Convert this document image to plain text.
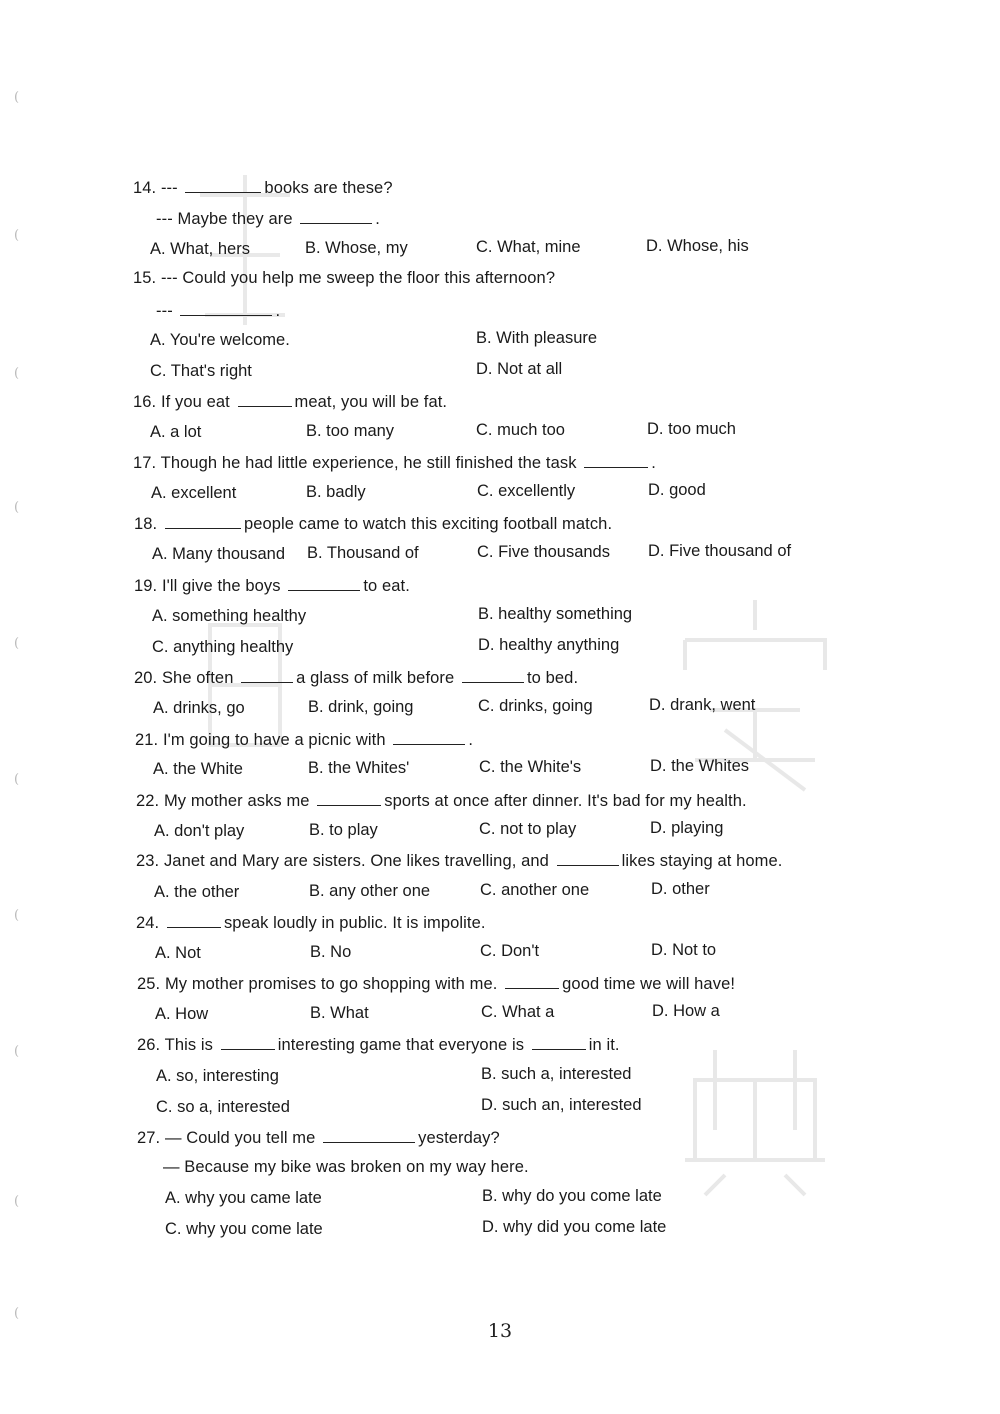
(
(
(
(
(
(
(
(
(
(
14. ---	books are these?
--- Maybe they are	.
A. What, hers	B. Whose, my	C. What, mine	D. Whose, his
15. --- Could you help me sweep the floor this afternoon?
---	.
A. You're welcome.	B. With pleasure
C. That's right	D. Not at all
16. If you eat	meat, you will be fat.
A. a lot	B. too many	C. much too	D. too much
17. Though he had little experience, he still finished the task	.
A. excellent	B. badly	C. excellently	D. good
18.	people came to watch this exciting football match.
A. Many thousand B. Thousand of	C. Five thousands D. Five thousand of
19. I'll give the boys	to eat.
A. something healthy	B. healthy something
C. anything healthy	D. healthy anything
20. She often	a glass of milk before	to bed.
A. drinks, go	B. drink, going	C. drinks, going	D. drank, went
21. I'm going to have a picnic with	.
A. the White	B. the Whites'	C. the White's	D. the Whites
22. My mother asks me	sports at once after dinner. It's bad for my health.
A. don't play	B. to play	C. not to play	D. playing
23. Janet and Mary are sisters. One likes travelling, and	likes staying at home.
A. the other	B. any other one	C. another one	D. other
24.	speak loudly in public. It is impolite.
A. Not	B. No	C. Don't	D. Not to
25. My mother promises to go shopping with me.	good time we will have!
A. How	B. What	C. What a	D. How a
26. This is	interesting game that everyone is	in it.
A. so, interesting	B. such a, interested
C. so a, interested	D. such an, interested
27. — Could you tell me	yesterday?
— Because my bike was broken on my way here.
A. why you came late	B. why do you come late
C. why you come late	D. why did you come late
13
